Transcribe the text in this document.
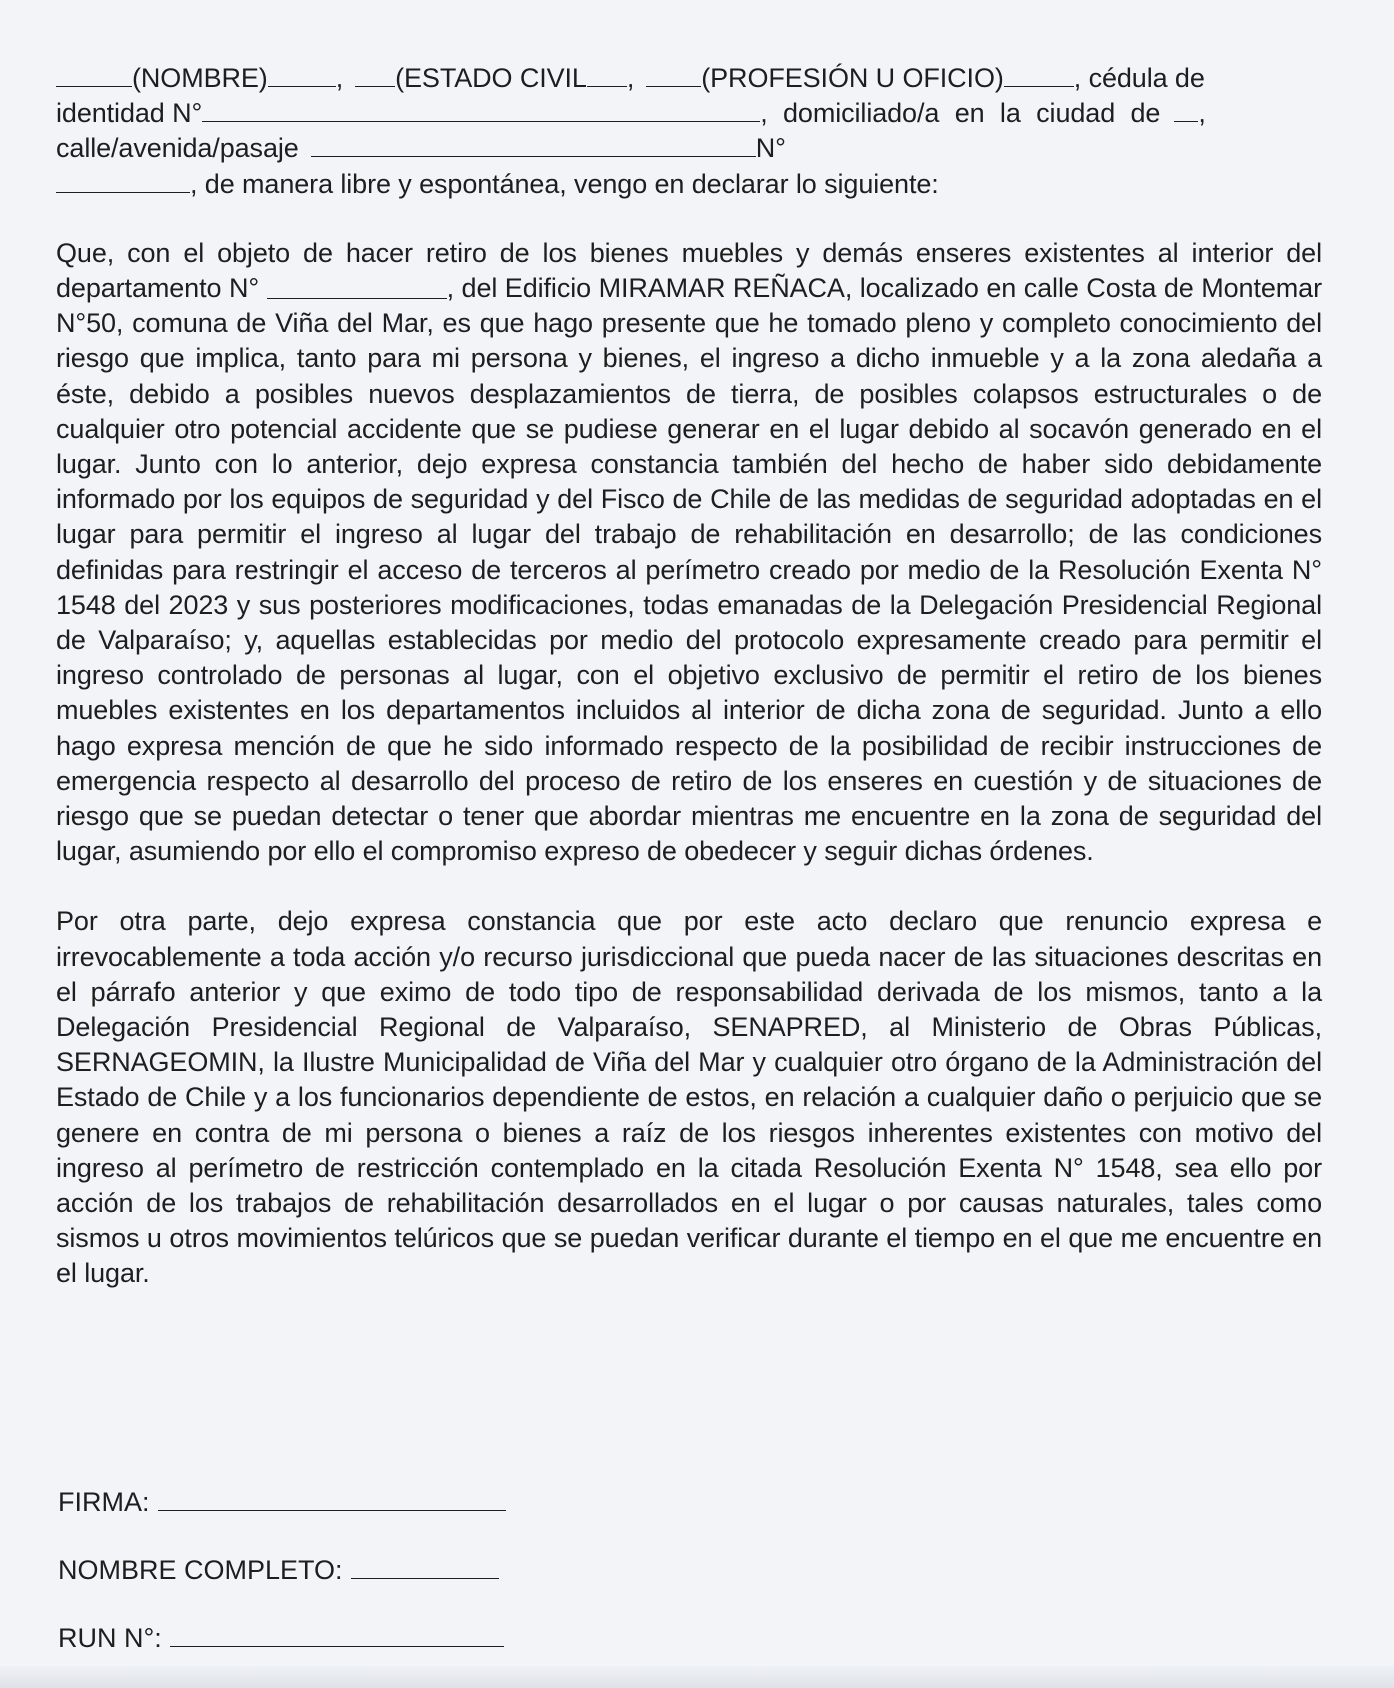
(NOMBRE)	, (ESTADO CIVIL , (PROFESIÓN U OFICIO)	, cédula de
identidad N°	, domiciliado/a en la ciudad de ,
calle/avenida/pasaje	N°
, de manera libre y espontánea, vengo en declarar lo siguiente:

Que, con el objeto de hacer retiro de los bienes muebles y demás enseres existentes al interior del departamento N°	, del Edificio MIRAMAR REÑACA, localizado en calle Costa de Montemar N°50, comuna de Viña del Mar, es que hago presente que he tomado pleno y completo conocimiento del riesgo que implica, tanto para mi persona y bienes, el ingreso a dicho inmueble y a la zona aledaña a éste, debido a posibles nuevos desplazamientos de tierra, de posibles colapsos estructurales o de cualquier otro potencial accidente que se pudiese generar en el lugar debido al socavón generado en el lugar. Junto con lo anterior, dejo expresa constancia también del hecho de haber sido debidamente informado por los equipos de seguridad y del Fisco de Chile de las medidas de seguridad adoptadas en el lugar para permitir el ingreso al lugar del trabajo de rehabilitación en desarrollo; de las condiciones definidas para restringir el acceso de terceros al perímetro creado por medio de la Resolución Exenta N° 1548 del 2023 y sus posteriores modificaciones, todas emanadas de la Delegación Presidencial Regional de Valparaíso; y, aquellas establecidas por medio del protocolo expresamente creado para permitir el ingreso controlado de personas al lugar, con el objetivo exclusivo de permitir el retiro de los bienes muebles existentes en los departamentos incluidos al interior de dicha zona de seguridad. Junto a ello hago expresa mención de que he sido informado respecto de la posibilidad de recibir instrucciones de emergencia respecto al desarrollo del proceso de retiro de los enseres en cuestión y de situaciones de riesgo que se puedan detectar o tener que abordar mientras me encuentre en la zona de seguridad del lugar, asumiendo por ello el compromiso expreso de obedecer y seguir dichas órdenes.

Por otra parte, dejo expresa constancia que por este acto declaro que renuncio expresa e irrevocablemente a toda acción y/o recurso jurisdiccional que pueda nacer de las situaciones descritas en el párrafo anterior y que eximo de todo tipo de responsabilidad derivada de los mismos, tanto a la Delegación Presidencial Regional de Valparaíso, SENAPRED, al Ministerio de Obras Públicas, SERNAGEOMIN, la Ilustre Municipalidad de Viña del Mar y cualquier otro órgano de la Administración del Estado de Chile y a los funcionarios dependiente de estos, en relación a cualquier daño o perjuicio que se genere en contra de mi persona o bienes a raíz de los riesgos inherentes existentes con motivo del ingreso al perímetro de restricción contemplado en la citada Resolución Exenta N° 1548, sea ello por acción de los trabajos de rehabilitación desarrollados en el lugar o por causas naturales, tales como sismos u otros movimientos telúricos que se puedan verificar durante el tiempo en el que me encuentre en el lugar.

FIRMA:
NOMBRE COMPLETO:
RUN N°:
